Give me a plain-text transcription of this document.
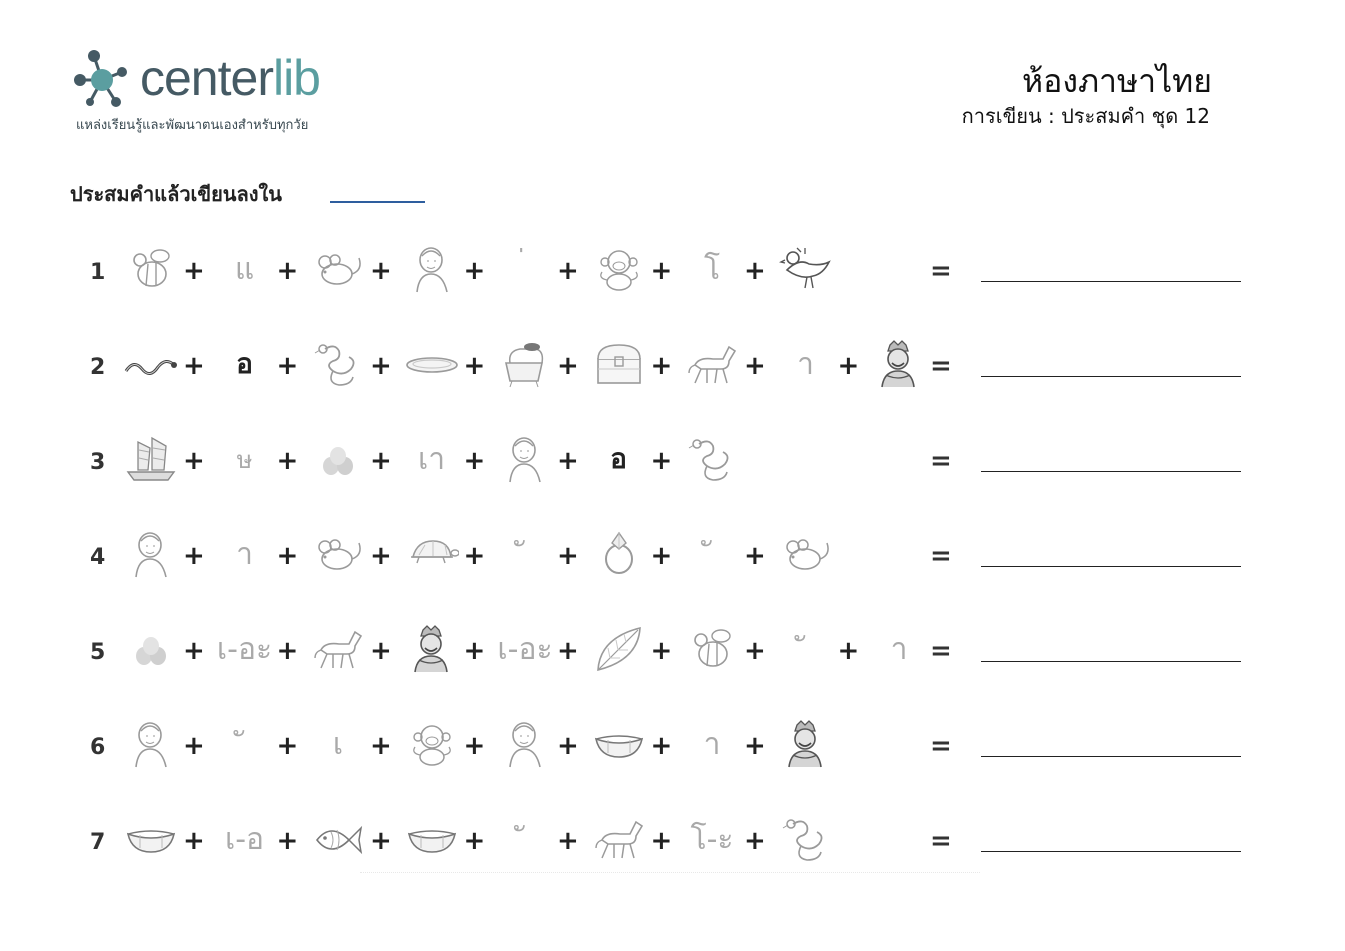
centerlib
แหล่งเรียนรู้และพัฒนาตนเองสำหรับทุกวัย
ห้องภาษาไทย
การเขียน : ประสมคำ ชุด 12
ประสมคำแล้วเขียนลงใน
1	+	แ +	+	+	+	+	โ +	=
2	+	อ +	+	+	+	+	+	า +	=
3	+	ษ +	+ เา +	+	อ +	=
4	+	า +	+	+	+	+	+	=
5	+ เ-อะ +	+	+ เ-อะ +	+	+	+	า =
6	+	+	เ	+	+	+	+	า +	=
7	+ เ-อ +	+	+	+	+ โ-ะ +	=
